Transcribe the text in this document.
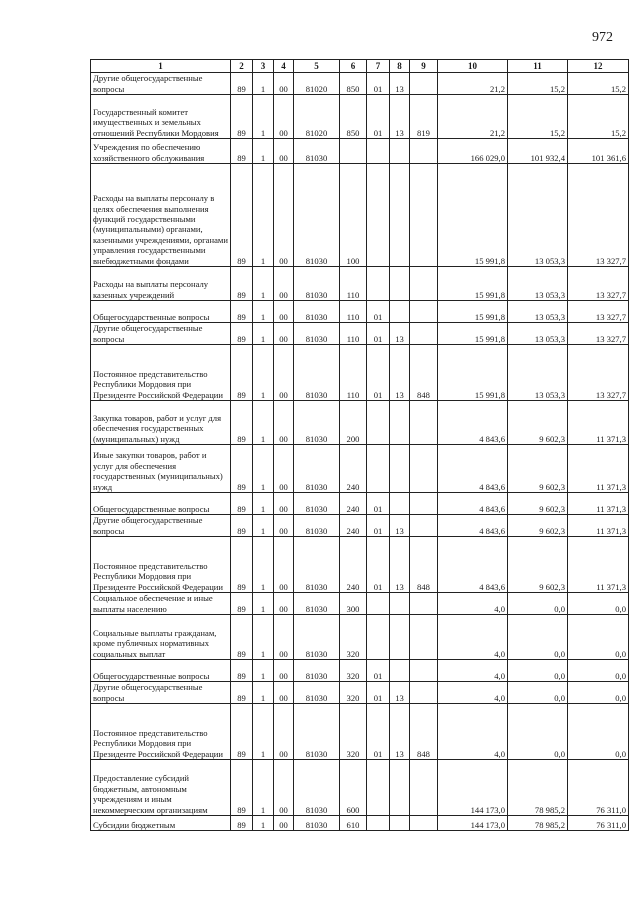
972
1	2	3	4	5	6	7	8	9	10	11	12
Другие общегосударственные вопросы	89	1	00	81020	850	01	13		21,2	15,2	15,2
Государственный комитет имущественных и земельных отношений Республики Мордовия	89	1	00	81020	850	01	13	819	21,2	15,2	15,2
Учреждения по обеспечению хозяйственного обслуживания	89	1	00	81030					166 029,0	101 932,4	101 361,6
Расходы на выплаты персоналу в целях обеспечения выполнения функций государственными (муниципальными) органами, казенными учреждениями, органами управления государственными внебюджетными фондами	89	1	00	81030	100				15 991,8	13 053,3	13 327,7
Расходы на выплаты персоналу казенных учреждений	89	1	00	81030	110				15 991,8	13 053,3	13 327,7
Общегосударственные вопросы	89	1	00	81030	110	01			15 991,8	13 053,3	13 327,7
Другие общегосударственные вопросы	89	1	00	81030	110	01	13		15 991,8	13 053,3	13 327,7
Постоянное представительство Республики Мордовия при Президенте Российской Федерации	89	1	00	81030	110	01	13	848	15 991,8	13 053,3	13 327,7
Закупка товаров, работ и услуг для обеспечения государственных (муниципальных) нужд	89	1	00	81030	200				4 843,6	9 602,3	11 371,3
Иные закупки товаров, работ и услуг для обеспечения государственных (муниципальных) нужд	89	1	00	81030	240				4 843,6	9 602,3	11 371,3
Общегосударственные вопросы	89	1	00	81030	240	01			4 843,6	9 602,3	11 371,3
Другие общегосударственные вопросы	89	1	00	81030	240	01	13		4 843,6	9 602,3	11 371,3
Постоянное представительство Республики Мордовия при Президенте Российской Федерации	89	1	00	81030	240	01	13	848	4 843,6	9 602,3	11 371,3
Социальное обеспечение и иные выплаты населению	89	1	00	81030	300				4,0	0,0	0,0
Социальные выплаты гражданам, кроме публичных нормативных социальных выплат	89	1	00	81030	320				4,0	0,0	0,0
Общегосударственные вопросы	89	1	00	81030	320	01			4,0	0,0	0,0
Другие общегосударственные вопросы	89	1	00	81030	320	01	13		4,0	0,0	0,0
Постоянное представительство Республики Мордовия при Президенте Российской Федерации	89	1	00	81030	320	01	13	848	4,0	0,0	0,0
Предоставление субсидий бюджетным, автономным учреждениям и иным некоммерческим организациям	89	1	00	81030	600				144 173,0	78 985,2	76 311,0
Субсидии бюджетным	89	1	00	81030	610				144 173,0	78 985,2	76 311,0
